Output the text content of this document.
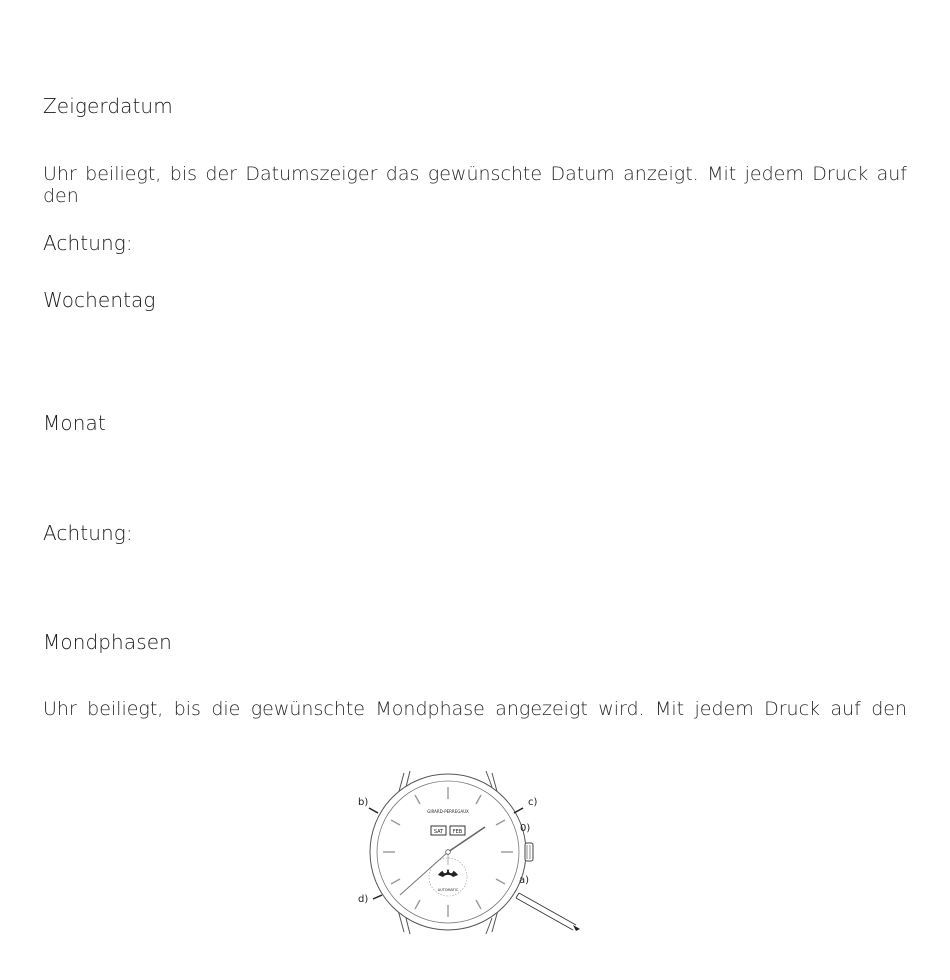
Zeigerdatum
Uhr beiliegt, bis der Datumszeiger das gewünschte Datum anzeigt. Mit jedem Druck auf den
Achtung:
Wochentag
Monat
Achtung:
Mondphasen
Uhr beiliegt, bis die gewünschte Mondphase angezeigt wird. Mit jedem Druck auf den
GIRARD-PERREGAUX
SAT FEB
AUTOMATIC
b)	c)
0)
a)
d)
